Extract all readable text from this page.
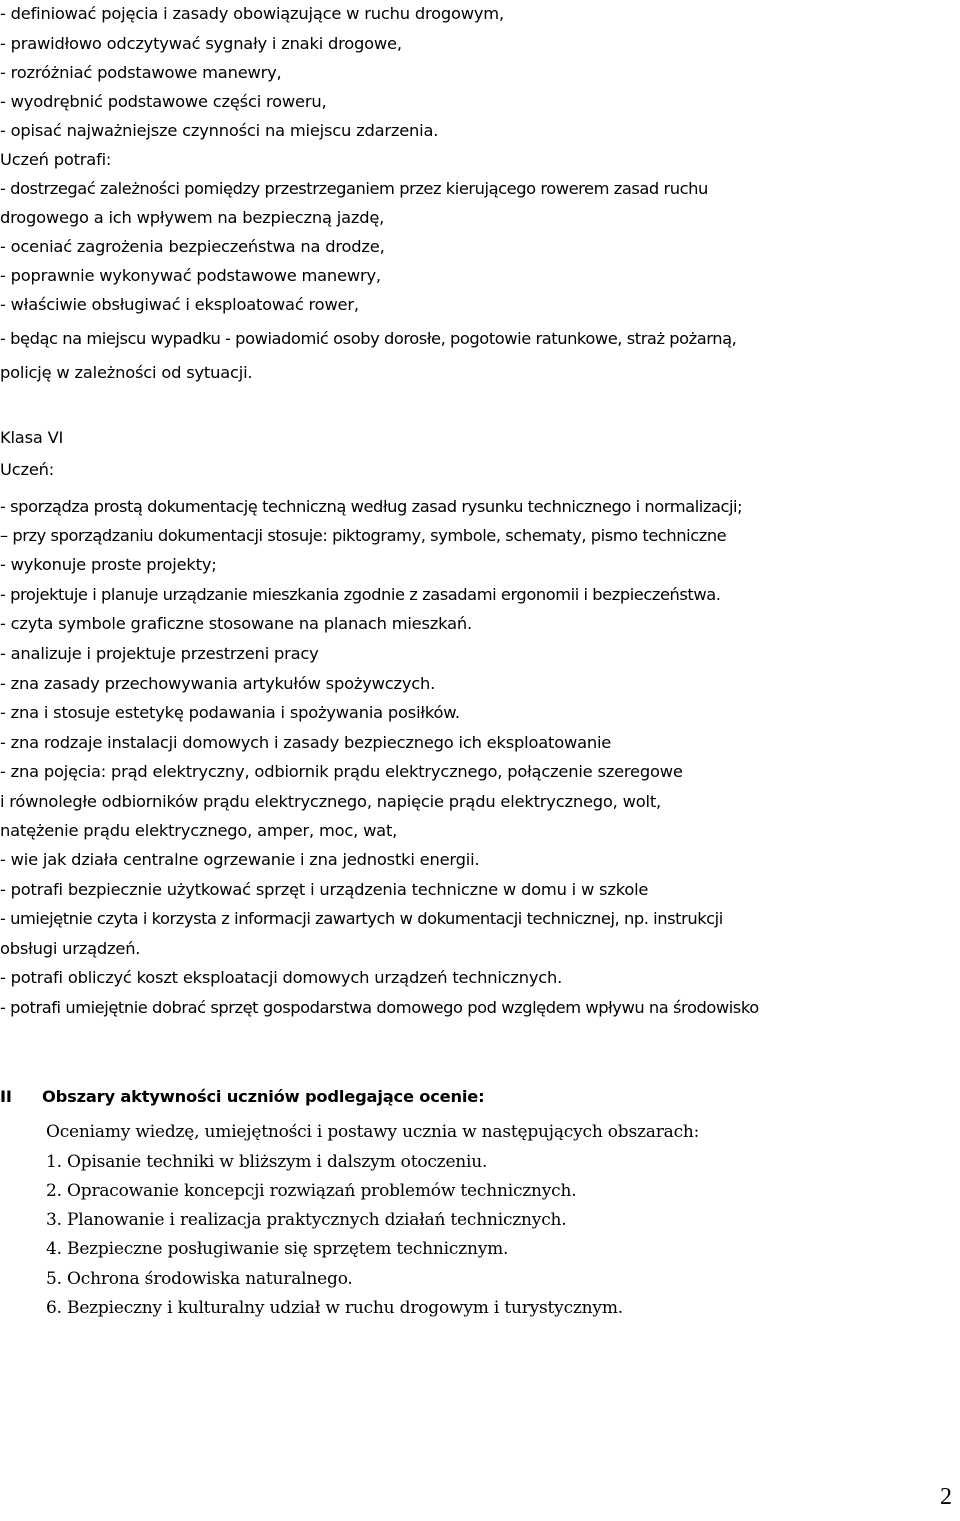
- definiować pojęcia i zasady obowiązujące w ruchu drogowym,
- prawidłowo odczytywać sygnały i znaki drogowe,
- rozróżniać podstawowe manewry,
- wyodrębnić podstawowe części roweru,
- opisać najważniejsze czynności na miejscu zdarzenia.
Uczeń potrafi:
- dostrzegać zależności pomiędzy przestrzeganiem przez kierującego rowerem zasad ruchu
drogowego a ich wpływem na bezpieczną jazdę,
- oceniać zagrożenia bezpieczeństwa na drodze,
- poprawnie wykonywać podstawowe manewry,
- właściwie obsługiwać i eksploatować rower,
- będąc na miejscu wypadku - powiadomić osoby dorosłe, pogotowie ratunkowe, straż pożarną,
policję w zależności od sytuacji.
Klasa VI
Uczeń:
- sporządza prostą dokumentację techniczną według zasad rysunku technicznego i normalizacji;
– przy sporządzaniu dokumentacji stosuje: piktogramy, symbole, schematy, pismo techniczne
- wykonuje proste projekty;
- projektuje i planuje urządzanie mieszkania zgodnie z zasadami ergonomii i bezpieczeństwa.
- czyta symbole graficzne stosowane na planach mieszkań.
- analizuje i projektuje przestrzeni pracy
- zna zasady przechowywania artykułów spożywczych.
- zna i stosuje estetykę podawania i spożywania posiłków.
- zna rodzaje instalacji domowych i zasady bezpiecznego ich eksploatowanie
- zna pojęcia: prąd elektryczny, odbiornik prądu elektrycznego, połączenie szeregowe
i równoległe odbiorników prądu elektrycznego, napięcie prądu elektrycznego, wolt,
natężenie prądu elektrycznego, amper, moc, wat,
- wie jak działa centralne ogrzewanie i zna jednostki energii.
- potrafi bezpiecznie użytkować sprzęt i urządzenia techniczne w domu i w szkole
- umiejętnie czyta i korzysta z informacji zawartych w dokumentacji technicznej, np. instrukcji
obsługi urządzeń.
- potrafi obliczyć koszt eksploatacji domowych urządzeń technicznych.
- potrafi umiejętnie dobrać sprzęt gospodarstwa domowego pod względem wpływu na środowisko
II Obszary aktywności uczniów podlegające ocenie:
Oceniamy wiedzę, umiejętności i postawy ucznia w następujących obszarach:
1. Opisanie techniki w bliższym i dalszym otoczeniu.
2. Opracowanie koncepcji rozwiązań problemów technicznych.
3. Planowanie i realizacja praktycznych działań technicznych.
4. Bezpieczne posługiwanie się sprzętem technicznym.
5. Ochrona środowiska naturalnego.
6. Bezpieczny i kulturalny udział w ruchu drogowym i turystycznym.
2
